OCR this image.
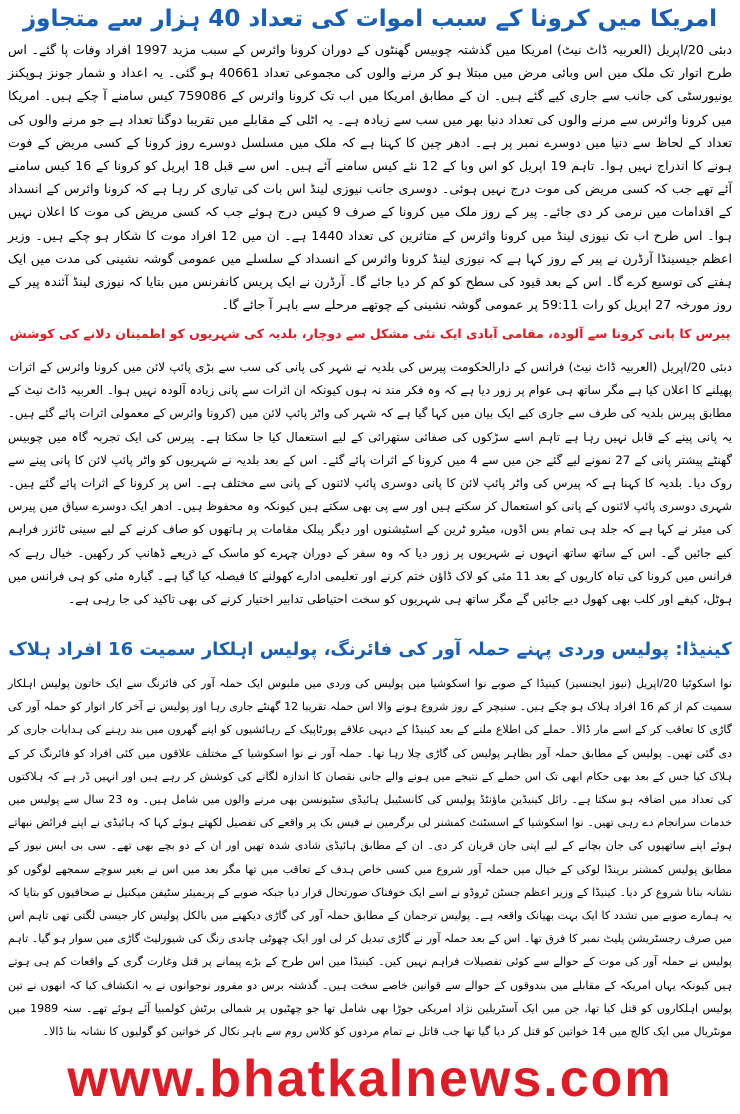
امریکا میں کرونا کے سبب اموات کی تعداد 40 ہزار سے متجاوز

دبئی 20/اپریل (العربیہ ڈاٹ نیٹ) امریکا میں گذشتہ چوبیس گھنٹوں کے دوران کرونا وائرس کے سبب مزید 1997 افراد وفات پا گئے۔ اس طرح اتوار تک ملک میں اس وبائی مرض میں مبتلا ہو کر مرنے والوں کی مجموعی تعداد 40661 ہو گئی۔ یہ اعداد و شمار جونز ہوپکنز یونیورسٹی کی جانب سے جاری کیے گئے ہیں۔ ان کے مطابق امریکا میں اب تک کرونا وائرس کے 759086 کیس سامنے آ چکے ہیں۔ امریکا میں کرونا وائرس سے مرنے والوں کی تعداد دنیا بھر میں سب سے زیادہ ہے۔ یہ اٹلی کے مقابلے میں تقریبا دوگنا تعداد ہے جو مرنے والوں کی تعداد کے لحاظ سے دنیا میں دوسرے نمبر پر ہے۔ ادھر چین کا کہنا ہے کہ ملک میں مسلسل دوسرے روز کرونا کے کسی مریض کے فوت ہونے کا اندراج نہیں ہوا۔ تاہم 19 اپریل کو اس وبا کے 12 نئے کیس سامنے آئے ہیں۔ اس سے قبل 18 اپریل کو کرونا کے 16 کیس سامنے آئے تھے جب کہ کسی مریض کی موت درج نہیں ہوئی۔ دوسری جانب نیوزی لینڈ اس بات کی تیاری کر رہا ہے کہ کرونا وائرس کے انسداد کے اقدامات میں نرمی کر دی جائے۔ پیر کے روز ملک میں کرونا کے صرف 9 کیس درج ہوئے جب کہ کسی مریض کی موت کا اعلان نہیں ہوا۔ اس طرح اب تک نیوزی لینڈ میں کرونا وائرس کے متاثرین کی تعداد 1440 ہے۔ ان میں 12 افراد موت کا شکار ہو چکے ہیں۔ وزیر اعظم جیسینڈا آرڈرن نے پیر کے روز کہا ہے کہ نیوزی لینڈ کرونا وائرس کے انسداد کے سلسلے میں عمومی گوشہ نشینی کی مدت میں ایک ہفتے کی توسیع کرے گا۔ اس کے بعد قیود کی سطح کو کم کر دیا جائے گا۔ آرڈرن نے ایک پریس کانفرنس میں بتایا کہ نیوزی لینڈ آئندہ پیر کے روز مورخہ 27 اپریل کو رات 59:11 پر عمومی گوشہ نشینی کے چوتھے مرحلے سے باہر آ جائے گا۔

پیرس کا پانی کرونا سے آلودہ، مقامی آبادی ایک نئی مشکل سے دوچار، بلدیہ کی شہریوں کو اطمینان دلانے کی کوشش

دبئی 20/اپریل (العربیہ ڈاٹ نیٹ) فرانس کے دارالحکومت پیرس کی بلدیہ نے شہر کی پانی کی سب سے بڑی پائپ لائن میں کرونا وائرس کے اثرات پھیلنے کا اعلان کیا ہے مگر ساتھ ہی عوام پر زور دیا ہے کہ وہ فکر مند نہ ہوں کیونکہ ان اثرات سے پانی زیادہ آلودہ نہیں ہوا۔ العربیہ ڈاٹ نیٹ کے مطابق پیرس بلدیہ کی طرف سے جاری کیے ایک بیان میں کہا گیا ہے کہ شہر کی واٹر پائپ لائن میں (کرونا وائرس کے معمولی اثرات پائے گئے ہیں۔ یہ پانی پینے کے قابل نہیں رہا ہے تاہم اسے سڑکوں کی صفائی ستھرائی کے لیے استعمال کیا جا سکتا ہے۔ پیرس کی ایک تجربہ گاہ میں چوبیس گھنٹے پیشتر پانی کے 27 نمونے لیے گئے جن میں سے 4 میں کرونا کے اثرات پائے گئے۔ اس کے بعد بلدیہ نے شہریوں کو واٹر پائپ لائن کا پانی پینے سے روک دیا۔ بلدیہ کا کہنا ہے کہ پیرس کی واٹر پائپ لائن کا پانی دوسری پائپ لائنوں کے پانی سے مختلف ہے۔ اس پر کرونا کے اثرات پائے گئے ہیں۔ شہری دوسری پائپ لائنوں کے پانی کو استعمال کر سکتے ہیں اور سے پی بھی سکتے ہیں کیونکہ وہ محفوظ ہیں۔ ادھر ایک دوسرے سیاق میں پیرس کی میئر نے کہا ہے کہ جلد ہی تمام بس اڈوں، میٹرو ٹرین کے اسٹیشنوں اور دیگر پبلک مقامات پر ہاتھوں کو صاف کرنے کے لیے سینی ٹائزر فراہم کیے جائیں گے۔ اس کے ساتھ ساتھ انہوں نے شہریوں پر زور دیا کہ وہ سفر کے دوران چہرے کو ماسک کے ذریعے ڈھانپ کر رکھیں۔ خیال رہے کہ فرانس میں کرونا کی تباہ کاریوں کے بعد 11 مئی کو لاک ڈاؤن ختم کرنے اور تعلیمی ادارے کھولنے کا فیصلہ کیا گیا ہے۔ گیارہ مئی کو ہی فرانس میں ہوٹل، کیفے اور کلب بھی کھول دیے جائیں گے مگر ساتھ ہی شہریوں کو سخت احتیاطی تدابیر اختیار کرنے کی بھی تاکید کی جا رہی ہے۔

کینیڈا: پولیس وردی پہنے حملہ آور کی فائرنگ، پولیس اہلکار سمیت 16 افراد ہلاک

نوا اسکوٹیا 20/اپریل (نیوز ایجنسیز) کینیڈا کے صوبے نوا اسکوشیا میں پولیس کی وردی میں ملبوس ایک حملہ آور کی فائرنگ سے ایک خاتون پولیس اہلکار سمیت کم از کم 16 افراد ہلاک ہو چکے ہیں۔ سنیچر کے روز شروع ہونے والا اس حملہ تقریبا 12 گھنٹے جاری رہا اور پولیس نے آخر کار اتوار کو حملہ آور کی گاڑی کا تعاقب کر کے اسے مار ڈالا۔ حملے کی اطلاع ملنے کے بعد کینیڈا کے دیہی علاقے پورٹاپیک کے رہائشیوں کو اپنے گھروں میں بند رہنے کی ہدایات جاری کر دی گئی تھیں۔ پولیس کے مطابق حملہ آور بظاہر پولیس کی گاڑی چلا رہا تھا۔ حملہ آور نے نوا اسکوشیا کے مختلف علاقوں میں کئی افراد کو فائرنگ کر کے ہلاک کیا جس کے بعد بھی حکام ابھی تک اس حملے کے نتیجے میں ہونے والے جانی نقصان کا اندازہ لگانے کی کوشش کر رہے ہیں اور انہیں ڈر ہے کہ ہلاکتوں کی تعداد میں اضافہ ہو سکتا ہے۔ رائل کینیڈین ماؤنٹڈ پولیس کی کانسٹیبل ہائیڈی سٹیونسن بھی مرنے والوں میں شامل ہیں۔ وہ 23 سال سے پولیس میں خدمات سرانجام دے رہی تھیں۔ نوا اسکوشیا کے اسسٹنٹ کمشنر لی برگرمین نے فیس بک پر واقعے کی تفصیل لکھتے ہوئے کہا کہ ہائیڈی نے اپنے فرائض نبھاتے ہوئے اپنے ساتھیوں کی جان بچانے کے لیے اپنی جان قربان کر دی۔ ان کے مطابق ہائیڈی شادی شدہ تھیں اور ان کے دو بچے بھی تھے۔ سی بی ایس نیوز کے مطابق پولیس کمشنر برینڈا لوکی کے خیال میں حملہ آور شروع میں کسی خاص ہدف کے تعاقب میں تھا مگر بعد میں اس نے بغیر سوچے سمجھے لوگوں کو نشانہ بنانا شروع کر دیا۔ کینیڈا کے وزیر اعظم جسٹن ٹروڈو نے اسے ایک خوفناک صورتحال قرار دیا جبکہ صوبے کے پریمیئر سٹیفن میکنیل نے صحافیوں کو بتایا کہ یہ ہمارے صوبے میں تشدد کا ایک بہت بھیانک واقعہ ہے۔ پولیس ترجمان کے مطابق حملہ آور کی گاڑی دیکھنے میں بالکل پولیس کار جیسی لگتی تھی تاہم اس میں صرف رجسٹریشن پلیٹ نمبر کا فرق تھا۔ اس کے بعد حملہ آور نے گاڑی تبدیل کر لی اور ایک چھوٹی چاندی رنگ کی شیورلیٹ گاڑی میں سوار ہو گیا۔ تاہم پولیس نے حملہ آور کی موت کے حوالے سے کوئی تفصیلات فراہم نہیں کیں۔ کینیڈا میں اس طرح کے بڑے پیمانے پر قتل وغارت گری کے واقعات کم ہی ہوتے ہیں کیونکہ یہاں امریکہ کے مقابلے میں بندوقوں کے حوالے سے قوانین خاصے سخت ہیں۔ گذشتہ برس دو مفرور نوجوانوں نے یہ انکشاف کیا کہ انھوں نے تین پولیس اہلکاروں کو قتل کیا تھا، جن میں ایک آسٹریلین نژاد امریکی جوڑا بھی شامل تھا جو چھٹیوں پر شمالی برٹش کولمبیا آئے ہوئے تھے۔ سنہ 1989 میں مونٹریال میں ایک کالج میں 14 خواتین کو قتل کر دیا گیا تھا جب قاتل نے تمام مردوں کو کلاس روم سے باہر نکال کر خواتین کو گولیوں کا نشانہ بنا ڈالا۔

www.bhatkalnews.com
